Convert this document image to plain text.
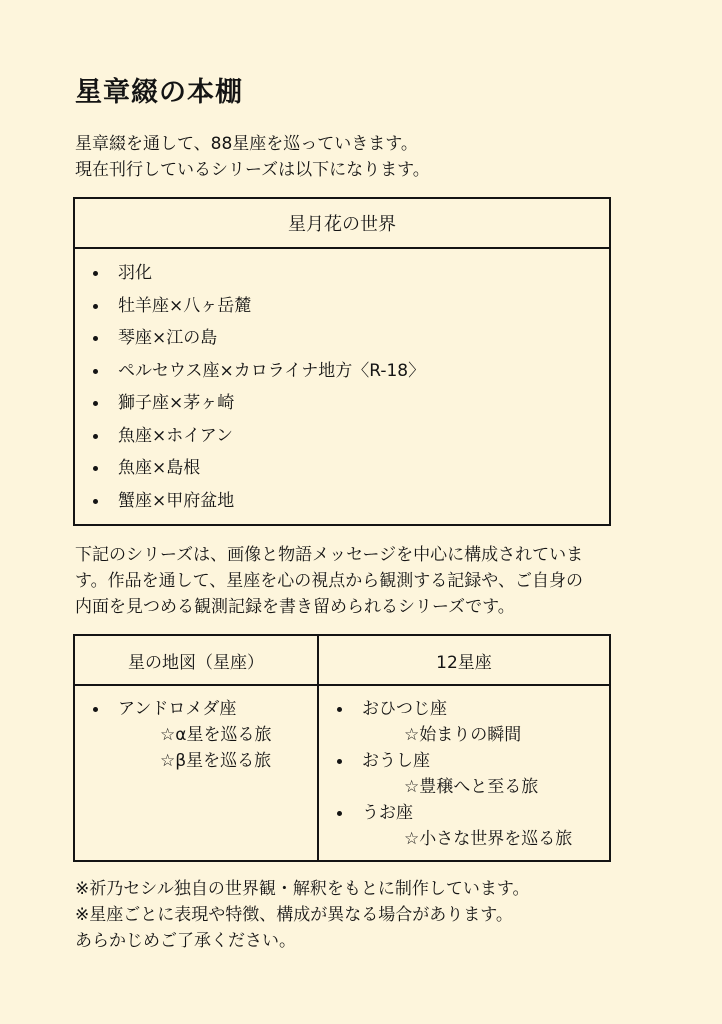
星章綴の本棚
星章綴を通して、88星座を巡っていきます。
現在刊行しているシリーズは以下になります。
星月花の世界
羽化
牡羊座×八ヶ岳麓
琴座×江の島
ペルセウス座×カロライナ地方〈R-18〉
獅子座×茅ヶ崎
魚座×ホイアン
魚座×島根
蟹座×甲府盆地
下記のシリーズは、画像と物語メッセージを中心に構成されていま
す。作品を通して、星座を心の視点から観測する記録や、ご自身の
内面を見つめる観測記録を書き留められるシリーズです。
星の地図（星座）
アンドロメダ座
☆α星を巡る旅
☆β星を巡る旅
12星座
おひつじ座
☆始まりの瞬間
おうし座
☆豊穣へと至る旅
うお座
☆小さな世界を巡る旅
※祈乃セシル独自の世界観・解釈をもとに制作しています。
※星座ごとに表現や特徴、構成が異なる場合があります。
あらかじめご了承ください。
